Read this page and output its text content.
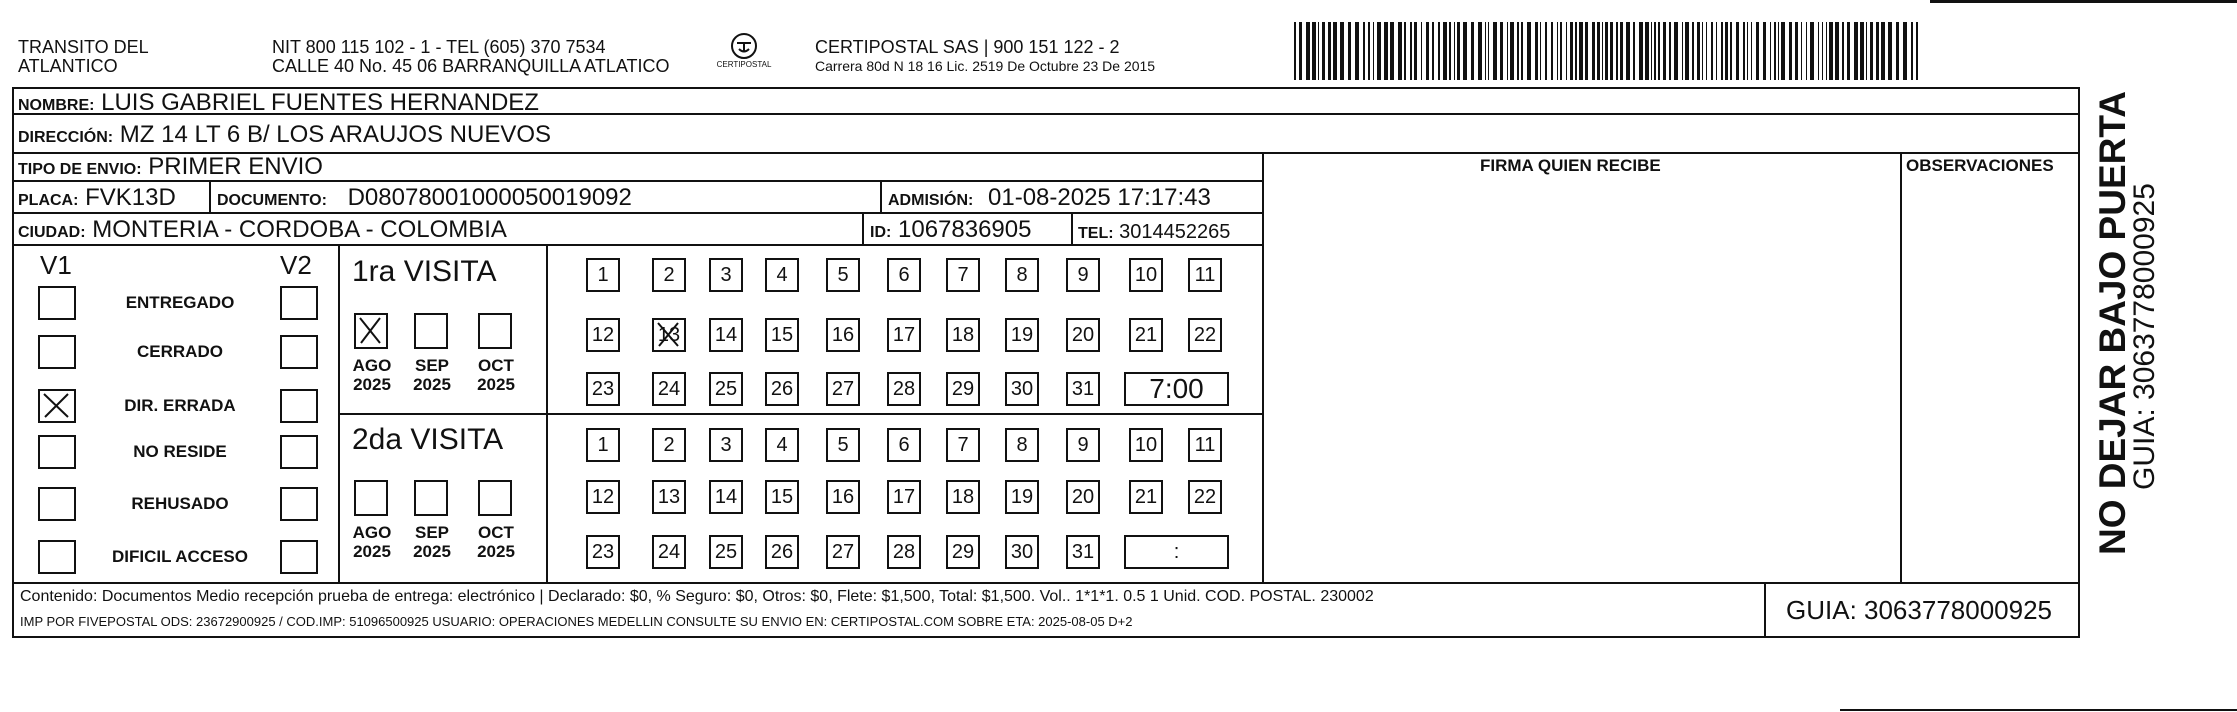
TRANSITO DEL
ATLANTICO
NIT 800 115 102 - 1 - TEL (605) 370 7534
CALLE 40 No. 45 06 BARRANQUILLA ATLATICO	CERTIPOSTAL
CERTIPOSTAL SAS | 900 151 122 - 2
Carrera 80d N 18 16 Lic. 2519 De Octubre 23 De 2015
NOMBRE: LUIS GABRIEL FUENTES HERNANDEZ
DIRECCIÓN: MZ 14 LT 6 B/ LOS ARAUJOS NUEVOS
TIPO DE ENVIO: PRIMER ENVIO	FIRMA QUIEN RECIBE	OBSERVACIONES
PLACA: FVK13D	DOCUMENTO: D08078001000050019092	ADMISIÓN: 01-08-2025 17:17:43
CIUDAD: MONTERIA - CORDOBA - COLOMBIA	ID: 1067836905	TEL: 3014452265
V1	V2 1ra VISITA
2da VISITA
Contenido: Documentos Medio recepción prueba de entrega: electrónico | Declarado: $0, % Seguro: $0, Otros: $0, Flete: $1,500, Total: $1,500. Vol.. 1*1*1. 0.5 1 Unid. COD. POSTAL. 230002
IMP POR FIVEPOSTAL ODS: 23672900925 / COD.IMP: 51096500925 USUARIO: OPERACIONES MEDELLIN CONSULTE SU ENVIO EN: CERTIPOSTAL.COM SOBRE ETA: 2025-08-05 D+2	GUIA: 3063778000925
NO DEJAR BAJO PUERTA
GUIA: 3063778000925
ENTREGADO
CERRADO
DIR. ERRADA
NO RESIDE
REHUSADO
DIFICIL ACCESO
AGO
2025
SEP
2025
OCT
2025
1	2	3	4	5	6	7	8	9	10	11
12 13 14 15 16 17 18 19 20 21 22
23 24 25 26 27 28 29 30 31	7:00
AGO
2025
SEP
2025
OCT
2025
1	2	3	4	5	6	7	8	9	10	11
12 13 14 15 16 17 18 19 20 21 22
23 24 25 26 27 28 29 30 31	:
